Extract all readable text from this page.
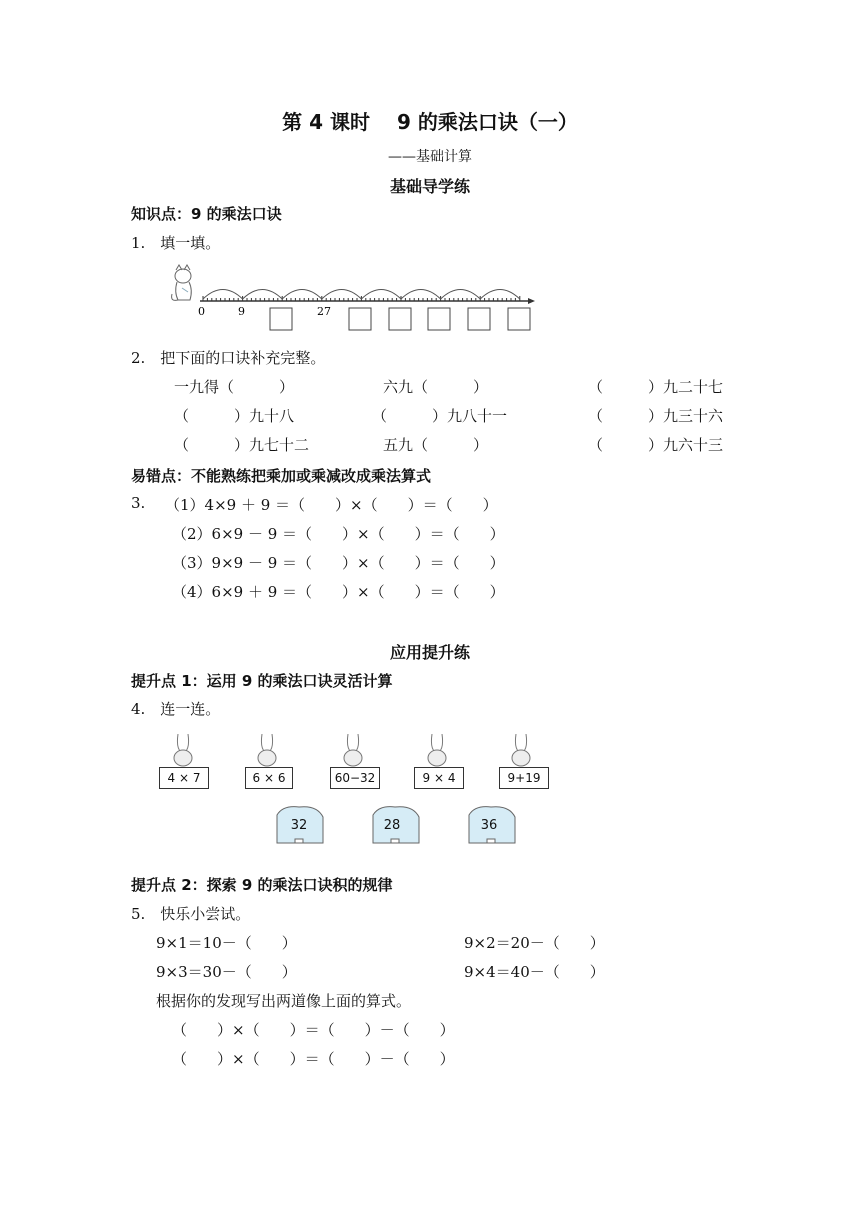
第 4 课时　 9 的乘法口诀（一）
——基础计算
基础导学练
知识点：9 的乘法口诀
1.　填一填。
0	9	27
2.　把下面的口诀补充完整。
一九得（　　　）	六九（　　　）	（　　　）九二十七
（　　　）九十八	（　　　）九八十一	（　　　）九三十六
（　　　）九七十二	五九（　　　）	（　　　）九六十三
易错点：不能熟练把乘加或乘减改成乘法算式
3. （1）4×9 ＋ 9 ＝（　　）×（　　）＝（　　）
（2）6×9 － 9 ＝（　　）×（　　）＝（　　）
（3）9×9 － 9 ＝（　　）×（　　）＝（　　）
（4）6×9 ＋ 9 ＝（　　）×（　　）＝（　　）
应用提升练
提升点 1：运用 9 的乘法口诀灵活计算
4.　连一连。
4 × 7	6 × 6	60−32	9 × 4	9+19
32	28	36
提升点 2：探索 9 的乘法口诀积的规律
5.　快乐小尝试。
9×1＝10－（　　）	9×2＝20－（　　）
9×3＝30－（　　）	9×4＝40－（　　）
根据你的发现写出两道像上面的算式。
（　　）×（　　）＝（　　）－（　　）
（　　）×（　　）＝（　　）－（　　）
